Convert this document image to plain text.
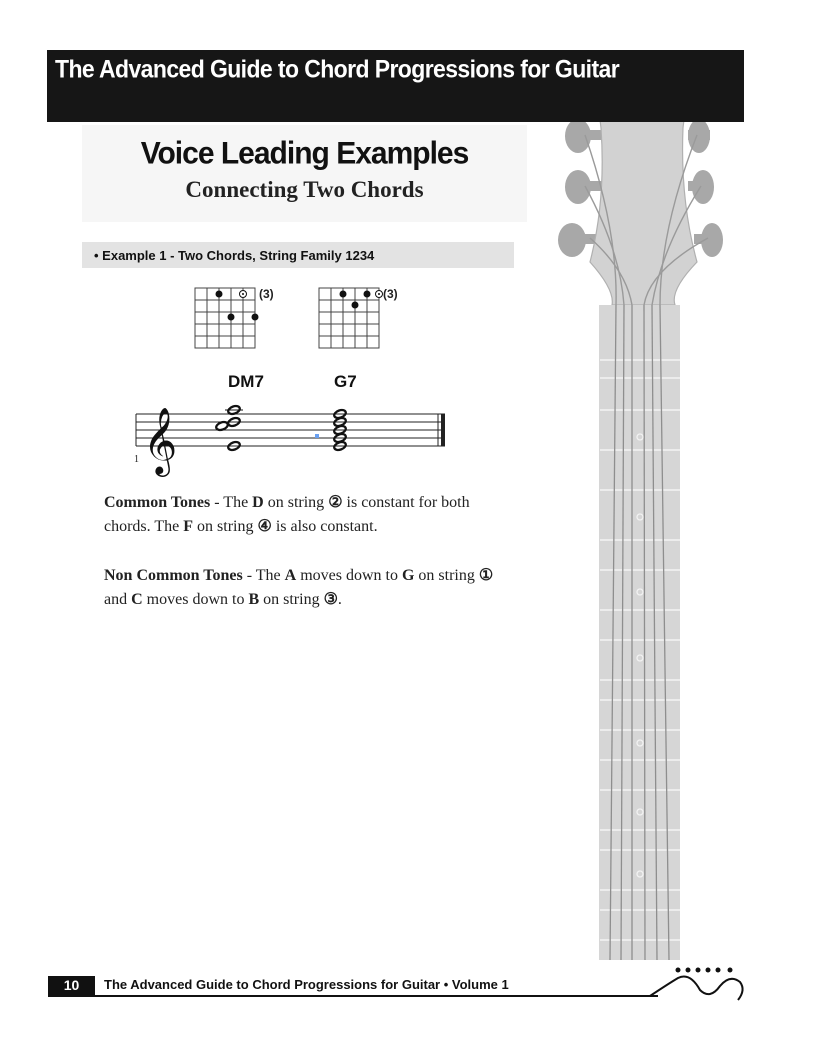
The Advanced Guide to Chord Progressions for Guitar
Voice Leading Examples
Connecting Two Chords
• Example 1 - Two Chords, String Family 1234
(3)	(3)
DM7	G7
𝄞
1
Common Tones - The D on string ② is constant for both chords. The F on string ④ is also constant.
Non Common Tones - The A moves down to G on string ① and C moves down to B on string ③.
10	The Advanced Guide to Chord Progressions for Guitar • Volume 1
